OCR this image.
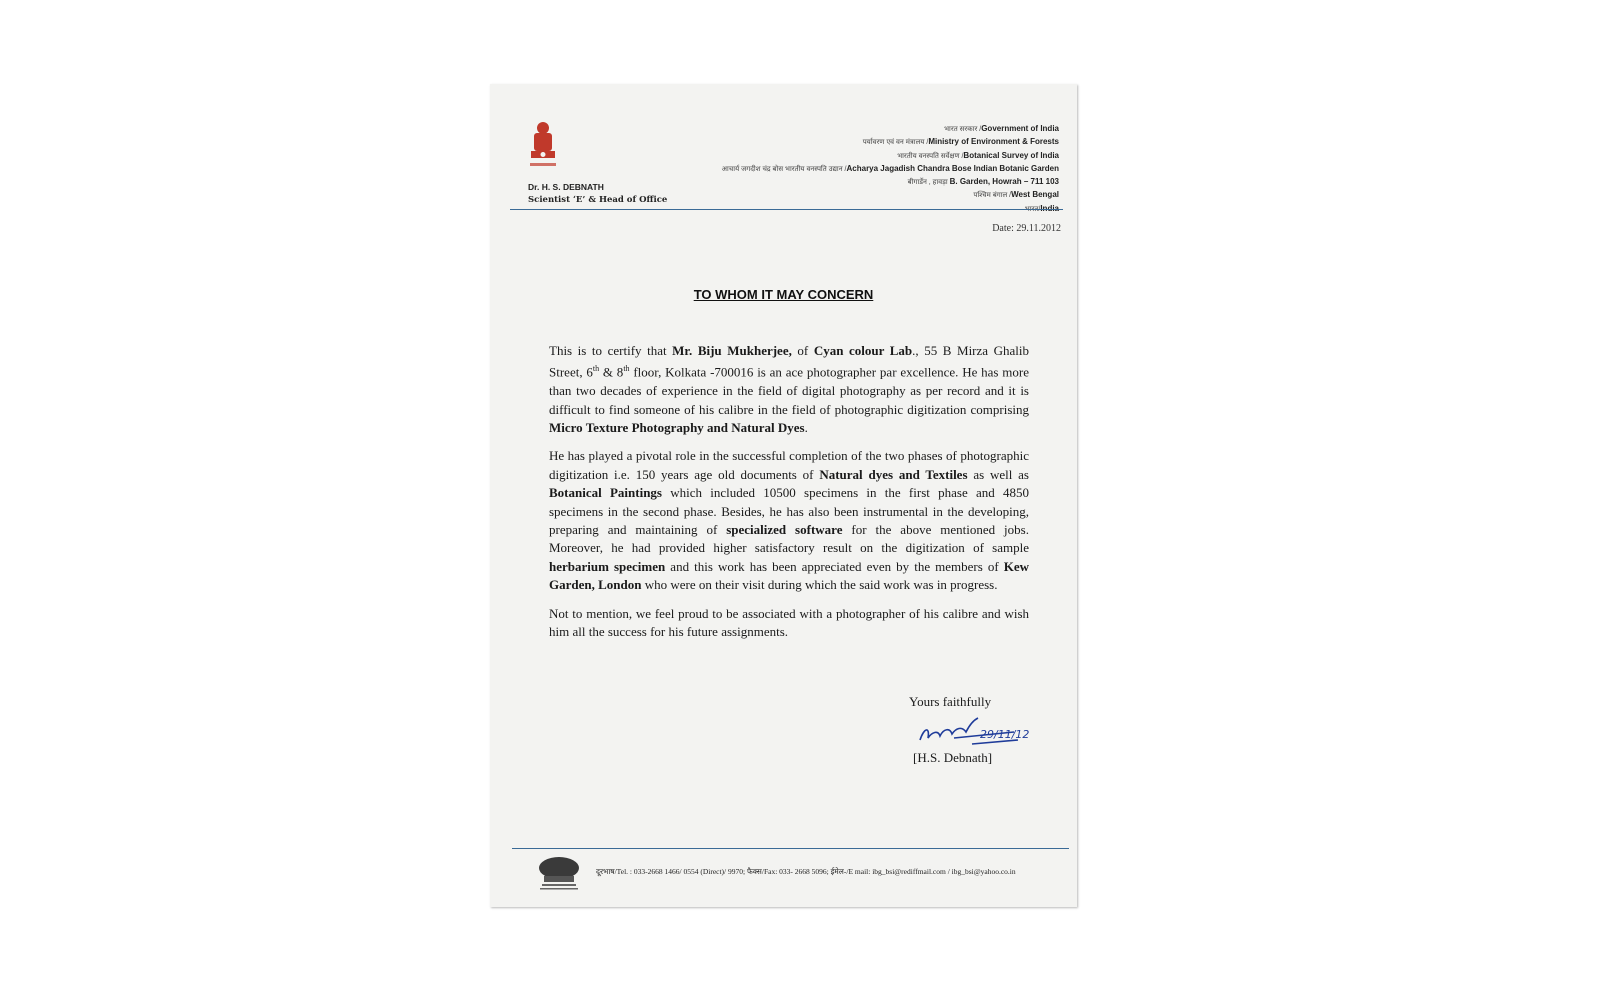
Dr. H. S. DEBNATH
Scientist ‘E’ & Head of Office
भारत सरकार /Government of India
पर्यावरण एवं वन मंत्रालय /Ministry of Environment & Forests
भारतीय वनस्पति सर्वेक्षण /Botanical Survey of India
आचार्य जगदीश चंद्र बोस भारतीय वनस्पति उद्यान /Acharya Jagadish Chandra Bose Indian Botanic Garden
बीगार्डेन , हावड़ा B. Garden, Howrah – 711 103
पश्चिम बंगाल /West Bengal
भारत/India
Date: 29.11.2012
TO WHOM IT MAY CONCERN

This is to certify that Mr. Biju Mukherjee, of Cyan colour Lab., 55 B Mirza Ghalib Street, 6th & 8th floor, Kolkata -700016 is an ace photographer par excellence. He has more than two decades of experience in the field of digital photography as per record and it is difficult to find someone of his calibre in the field of photographic digitization comprising Micro Texture Photography and Natural Dyes.

He has played a pivotal role in the successful completion of the two phases of photographic digitization i.e. 150 years age old documents of Natural dyes and Textiles as well as Botanical Paintings which included 10500 specimens in the first phase and 4850 specimens in the second phase. Besides, he has also been instrumental in the developing, preparing and maintaining of specialized software for the above mentioned jobs. Moreover, he had provided higher satisfactory result on the digitization of sample herbarium specimen and this work has been appreciated even by the members of Kew Garden, London who were on their visit during which the said work was in progress.

Not to mention, we feel proud to be associated with a photographer of his calibre and wish him all the success for his future assignments.

Yours faithfully
29/11/12
[H.S. Debnath]
दूरभाष/Tel. : 033-2668 1466/ 0554 (Direct)/ 9970; फैक्स/Fax: 033- 2668 5096; ईमेल-/E mail: ibg_bsi@rediffmail.com / ibg_bsi@yahoo.co.in
